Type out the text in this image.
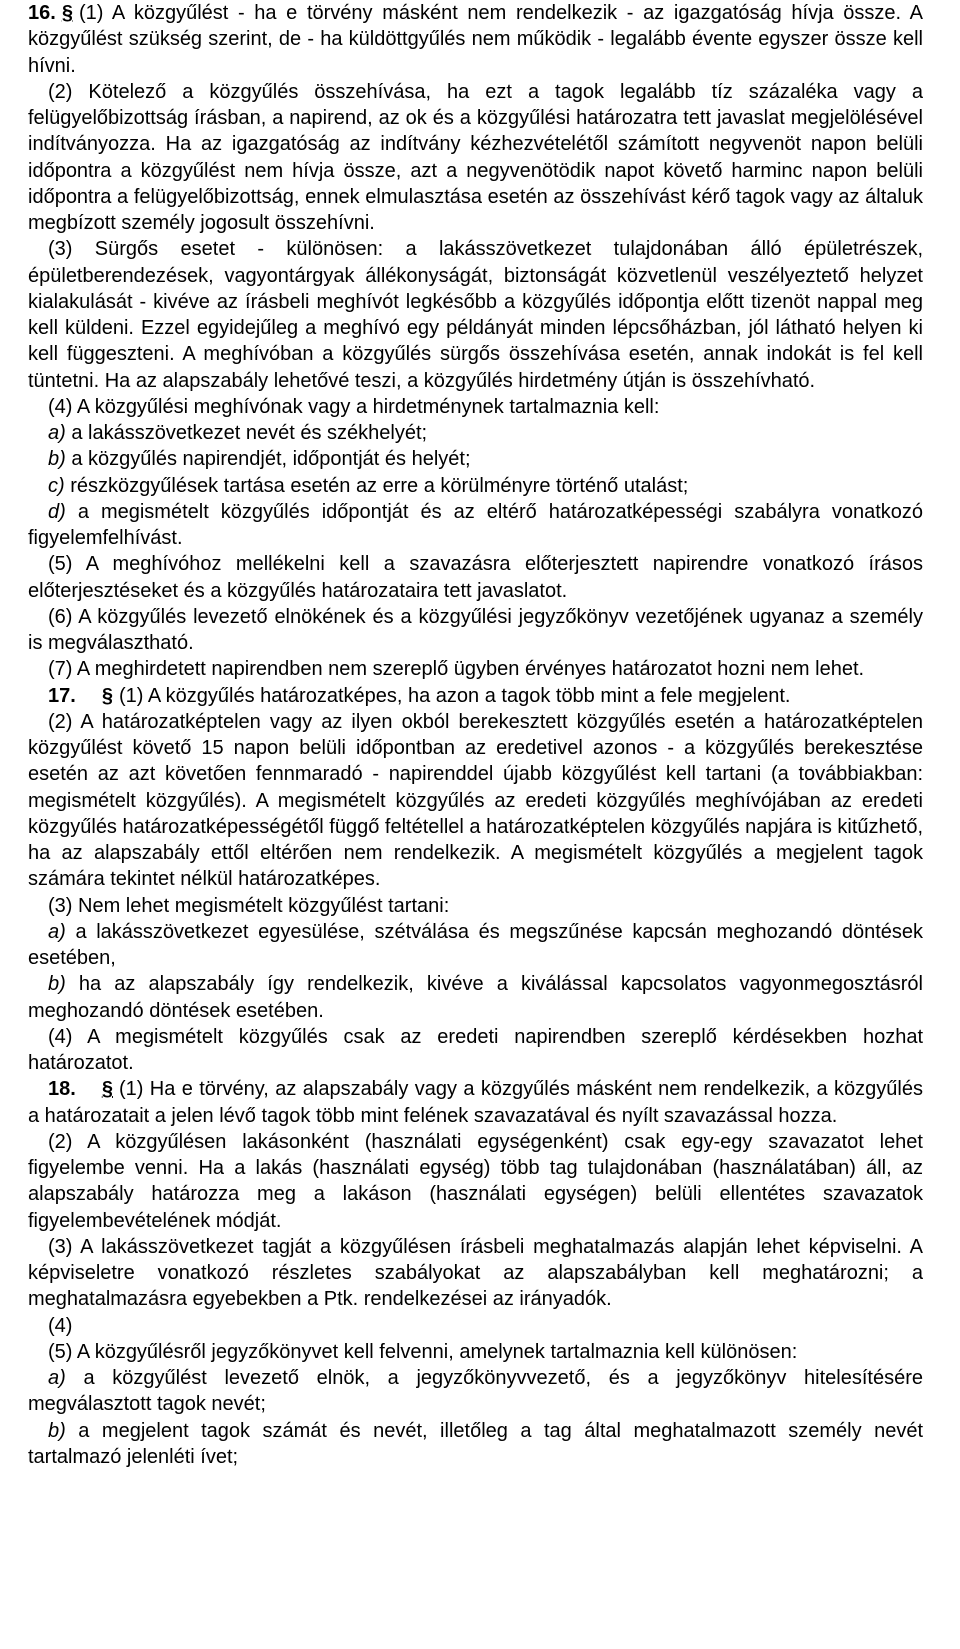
16. § (1) A közgyűlést - ha e törvény másként nem rendelkezik - az igazgatóság hívja össze. A közgyűlést szükség szerint, de - ha küldöttgyűlés nem működik - legalább évente egyszer össze kell hívni.

(2) Kötelező a közgyűlés összehívása, ha ezt a tagok legalább tíz százaléka vagy a felügyelőbizottság írásban, a napirend, az ok és a közgyűlési határozatra tett javaslat megjelölésével indítványozza. Ha az igazgatóság az indítvány kézhezvételétől számított negyvenöt napon belüli időpontra a közgyűlést nem hívja össze, azt a negyvenötödik napot követő harminc napon belüli időpontra a felügyelőbizottság, ennek elmulasztása esetén az összehívást kérő tagok vagy az általuk megbízott személy jogosult összehívni.

(3) Sürgős esetet - különösen: a lakásszövetkezet tulajdonában álló épületrészek, épületberendezések, vagyontárgyak állékonyságát, biztonságát közvetlenül veszélyeztető helyzet kialakulását - kivéve az írásbeli meghívót legkésőbb a közgyűlés időpontja előtt tizenöt nappal meg kell küldeni. Ezzel egyidejűleg a meghívó egy példányát minden lépcsőházban, jól látható helyen ki kell függeszteni. A meghívóban a közgyűlés sürgős összehívása esetén, annak indokát is fel kell tüntetni. Ha az alapszabály lehetővé teszi, a közgyűlés hirdetmény útján is összehívható.

(4) A közgyűlési meghívónak vagy a hirdetménynek tartalmaznia kell:

a) a lakásszövetkezet nevét és székhelyét;

b) a közgyűlés napirendjét, időpontját és helyét;

c) részközgyűlések tartása esetén az erre a körülményre történő utalást;

d) a megismételt közgyűlés időpontját és az eltérő határozatképességi szabályra vonatkozó figyelemfelhívást.

(5) A meghívóhoz mellékelni kell a szavazásra előterjesztett napirendre vonatkozó írásos előterjesztéseket és a közgyűlés határozataira tett javaslatot.

(6) A közgyűlés levezető elnökének és a közgyűlési jegyzőkönyv vezetőjének ugyanaz a személy is megválasztható.

(7) A meghirdetett napirendben nem szereplő ügyben érvényes határozatot hozni nem lehet.

17. § (1) A közgyűlés határozatképes, ha azon a tagok több mint a fele megjelent.

(2) A határozatképtelen vagy az ilyen okból berekesztett közgyűlés esetén a határozatképtelen közgyűlést követő 15 napon belüli időpontban az eredetivel azonos - a közgyűlés berekesztése esetén az azt követően fennmaradó - napirenddel újabb közgyűlést kell tartani (a továbbiakban: megismételt közgyűlés). A megismételt közgyűlés az eredeti közgyűlés meghívójában az eredeti közgyűlés határozatképességétől függő feltétellel a határozatképtelen közgyűlés napjára is kitűzhető, ha az alapszabály ettől eltérően nem rendelkezik. A megismételt közgyűlés a megjelent tagok számára tekintet nélkül határozatképes.

(3) Nem lehet megismételt közgyűlést tartani:

a) a lakásszövetkezet egyesülése, szétválása és megszűnése kapcsán meghozandó döntések esetében,

b) ha az alapszabály így rendelkezik, kivéve a kiválással kapcsolatos vagyonmegosztásról meghozandó döntések esetében.

(4) A megismételt közgyűlés csak az eredeti napirendben szereplő kérdésekben hozhat határozatot.

18. § (1) Ha e törvény, az alapszabály vagy a közgyűlés másként nem rendelkezik, a közgyűlés a határozatait a jelen lévő tagok több mint felének szavazatával és nyílt szavazással hozza.

(2) A közgyűlésen lakásonként (használati egységenként) csak egy-egy szavazatot lehet figyelembe venni. Ha a lakás (használati egység) több tag tulajdonában (használatában) áll, az alapszabály határozza meg a lakáson (használati egységen) belüli ellentétes szavazatok figyelembevételének módját.

(3) A lakásszövetkezet tagját a közgyűlésen írásbeli meghatalmazás alapján lehet képviselni. A képviseletre vonatkozó részletes szabályokat az alapszabályban kell meghatározni; a meghatalmazásra egyebekben a Ptk. rendelkezései az irányadók.

(4)

(5) A közgyűlésről jegyzőkönyvet kell felvenni, amelynek tartalmaznia kell különösen:

a) a közgyűlést levezető elnök, a jegyzőkönyvvezető, és a jegyzőkönyv hitelesítésére megválasztott tagok nevét;

b) a megjelent tagok számát és nevét, illetőleg a tag által meghatalmazott személy nevét tartalmazó jelenléti ívet;
